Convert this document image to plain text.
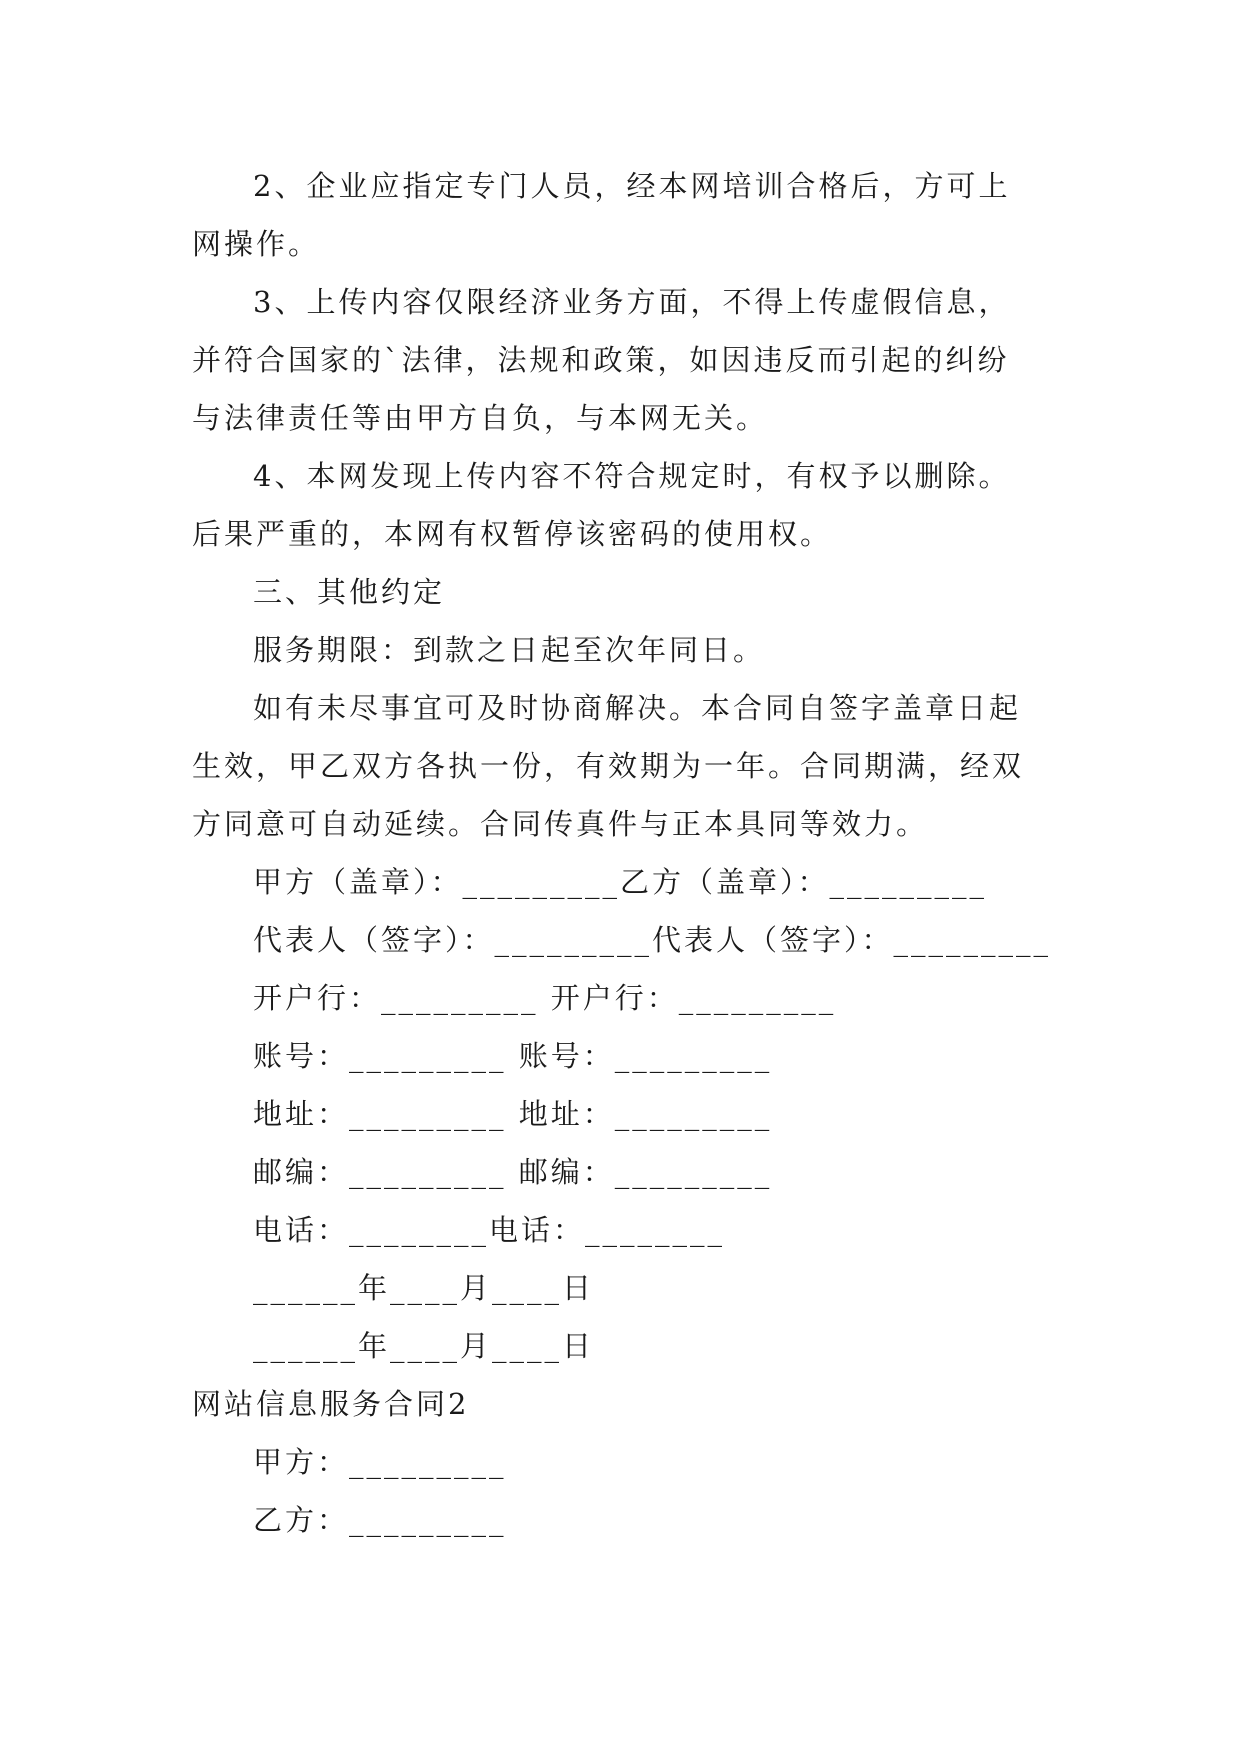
2、企业应指定专门人员，经本网培训合格后，方可上
网操作。
3、上传内容仅限经济业务方面，不得上传虚假信息，
并符合国家的`法律，法规和政策，如因违反而引起的纠纷
与法律责任等由甲方自负，与本网无关。
4、本网发现上传内容不符合规定时，有权予以删除。
后果严重的，本网有权暂停该密码的使用权。
三、其他约定
服务期限：到款之日起至次年同日。
如有未尽事宜可及时协商解决。本合同自签字盖章日起
生效，甲乙双方各执一份，有效期为一年。合同期满，经双
方同意可自动延续。合同传真件与正本具同等效力。
甲方（盖章）：_________乙方（盖章）：_________
代表人（签字）：_________代表人（签字）：_________
开户行：_________ 开户行：_________
账号：_________ 账号：_________
地址：_________ 地址：_________
邮编：_________ 邮编：_________
电话：________电话：________
______年____月____日
______年____月____日
网站信息服务合同2
甲方：_________
乙方：_________
